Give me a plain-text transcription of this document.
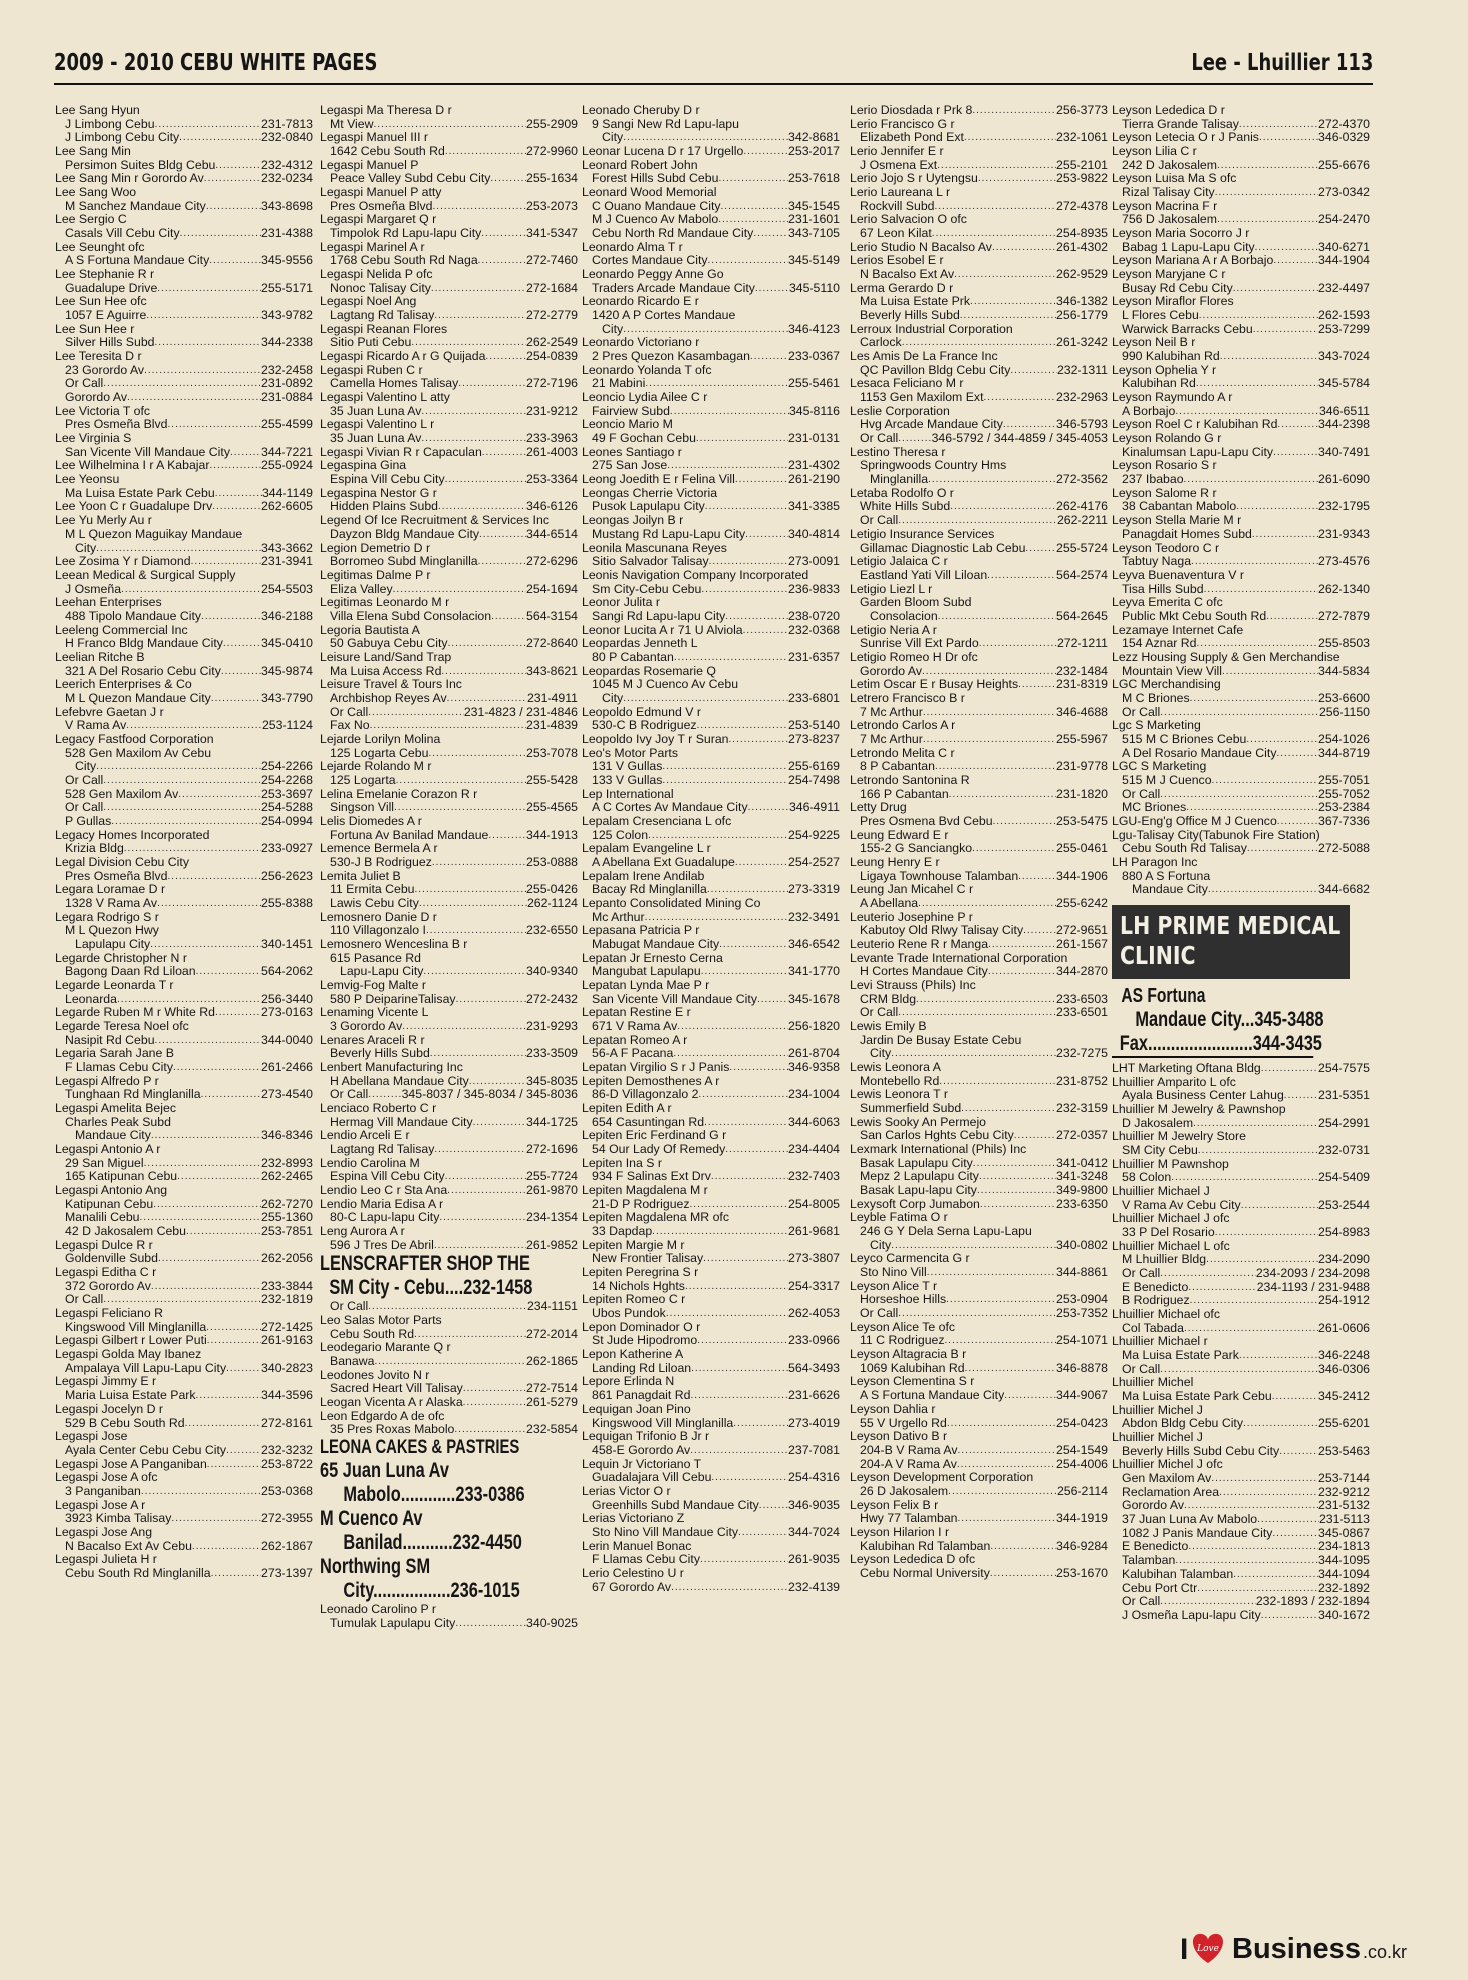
2009 - 2010 CEBU WHITE PAGES	Lee - Lhuillier 113
Lee Sang Hyun
J Limbong Cebu .....	231-7813
J Limbong Cebu City .....	232-0840
Lee Sang Min
Persimon Suites Bldg Cebu .....	232-4312
Lee Sang Min r Gorordo Av .....	232-0234
Lee Sang Woo
M Sanchez Mandaue City .....	343-8698
Lee Sergio C
Casals Vill Cebu City .....	231-4388
Lee Seunght ofc
A S Fortuna Mandaue City .....	345-9556
Lee Stephanie R r
Guadalupe Drive .....	255-5171
Lee Sun Hee ofc
1057 E Aguirre .....	343-9782
Lee Sun Hee r
Silver Hills Subd .....	344-2338
Lee Teresita D r
23 Gorordo Av .....	232-2458
Or Call .....	231-0892
Gorordo Av .....	231-0884
Lee Victoria T ofc
Pres Osmeña Blvd .....	255-4599
Lee Virginia S
San Vicente Vill Mandaue City .....	344-7221
Lee Wilhelmina I r A Kabajar .....	255-0924
Lee Yeonsu
Ma Luisa Estate Park Cebu .....	344-1149
Lee Yoon C r Guadalupe Drv .....	262-6605
Lee Yu Merly Au r
M L Quezon Maguikay Mandaue
City .....	343-3662
Lee Zosima Y r Diamond .....	231-3941
Leean Medical & Surgical Supply
J Osmeña .....	254-5503
Leehan Enterprises
488 Tipolo Mandaue City .....	346-2188
Leeleng Commercial Inc
H Franco Bldg Mandaue City .....	345-0410
Leelian Ritche B
321 A Del Rosario Cebu City .....	345-9874
Leerich Enterprises & Co
M L Quezon Mandaue City .....	343-7790
Lefebvre Gaetan J r
V Rama Av .....	253-1124
Legacy Fastfood Corporation
528 Gen Maxilom Av Cebu
City .....	254-2266
Or Call .....	254-2268
528 Gen Maxilom Av .....	253-3697
Or Call .....	254-5288
P Gullas .....	254-0994
Legacy Homes Incorporated
Krizia Bldg .....	233-0927
Legal Division Cebu City
Pres Osmeña Blvd .....	256-2623
Legara Loramae D r
1328 V Rama Av .....	255-8388
Legara Rodrigo S r
M L Quezon Hwy
Lapulapu City .....	340-1451
Legarde Christopher N r
Bagong Daan Rd Liloan .....	564-2062
Legarde Leonarda T r
Leonarda .....	256-3440
Legarde Ruben M r White Rd .....	273-0163
Legarde Teresa Noel ofc
Nasipit Rd Cebu .....	344-0040
Legaria Sarah Jane B
F Llamas Cebu City .....	261-2466
Legaspi Alfredo P r
Tunghaan Rd Minglanilla .....	273-4540
Legaspi Amelita Bejec
Charles Peak Subd
Mandaue City .....	346-8346
Legaspi Antonio A r
29 San Miguel .....	232-8993
165 Katipunan Cebu .....	262-2465
Legaspi Antonio Ang
Katipunan Cebu .....	262-7270
Manalili Cebu .....	255-1360
42 D Jakosalem Cebu .....	253-7851
Legaspi Dulce R r
Goldenville Subd .....	262-2056
Legaspi Editha C r
372 Gorordo Av .....	233-3844
Or Call .....	232-1819
Legaspi Feliciano R
Kingswood Vill Minglanilla .....	272-1425
Legaspi Gilbert r Lower Puti .....	261-9163
Legaspi Golda May Ibanez
Ampalaya Vill Lapu-Lapu City .....	340-2823
Legaspi Jimmy E r
Maria Luisa Estate Park .....	344-3596
Legaspi Jocelyn D r
529 B Cebu South Rd .....	272-8161
Legaspi Jose
Ayala Center Cebu Cebu City .....	232-3232
Legaspi Jose A Panganiban .....	253-8722
Legaspi Jose A ofc
3 Panganiban .....	253-0368
Legaspi Jose A r
3923 Kimba Talisay .....	272-3955
Legaspi Jose Ang
N Bacalso Ext Av Cebu .....	262-1867
Legaspi Julieta H r
Cebu South Rd Minglanilla .....	273-1397
Legaspi Ma Theresa D r
Mt View .....	255-2909
Legaspi Manuel III r
1642 Cebu South Rd .....	272-9960
Legaspi Manuel P
Peace Valley Subd Cebu City .....	255-1634
Legaspi Manuel P atty
Pres Osmeña Blvd .....	253-2073
Legaspi Margaret Q r
Timpolok Rd Lapu-lapu City .....	341-5347
Legaspi Marinel A r
1768 Cebu South Rd Naga .....	272-7460
Legaspi Nelida P ofc
Nonoc Talisay City .....	272-1684
Legaspi Noel Ang
Lagtang Rd Talisay .....	272-2779
Legaspi Reanan Flores
Sitio Puti Cebu .....	262-2549
Legaspi Ricardo A r G Quijada .....	254-0839
Legaspi Ruben C r
Camella Homes Talisay .....	272-7196
Legaspi Valentino L atty
35 Juan Luna Av .....	231-9212
Legaspi Valentino L r
35 Juan Luna Av .....	233-3963
Legaspi Vivian R r Capaculan .....	261-4003
Legaspina Gina
Espina Vill Cebu City .....	253-3364
Legaspina Nestor G r
Hidden Plains Subd .....	346-6126
Legend Of Ice Recruitment & Services Inc
Dayzon Bldg Mandaue City .....	344-6514
Legion Demetrio D r
Borromeo Subd Minglanilla .....	272-6296
Legitimas Dalme P r
Eliza Valley .....	254-1694
Legitimas Leonardo M r
Villa Elena Subd Consolacion .....	564-3154
Legoria Bautista A
50 Gabuya Cebu City .....	272-8640
Leisure Land/Sand Trap
Ma Luisa Access Rd .....	343-8621
Leisure Travel & Tours Inc
Archbishop Reyes Av .....	231-4911
Or Call .....	231-4823 / 231-4846
Fax No .....	231-4839
Lejarde Lorilyn Molina
125 Logarta Cebu .....	253-7078
Lejarde Rolando M r
125 Logarta .....	255-5428
Lelina Emelanie Corazon R r
Singson Vill .....	255-4565
Lelis Diomedes A r
Fortuna Av Banilad Mandaue .....	344-1913
Lemence Bermela A r
530-J B Rodriguez .....	253-0888
Lemita Juliet B
11 Ermita Cebu .....	255-0426
Lawis Cebu City .....	262-1124
Lemosnero Danie D r
110 Villagonzalo I .....	232-6550
Lemosnero Wenceslina B r
615 Pasance Rd
Lapu-Lapu City .....	340-9340
Lemvig-Fog Malte r
580 P DeiparineTalisay .....	272-2432
Lenaming Vicente L
3 Gorordo Av .....	231-9293
Lenares Araceli R r
Beverly Hills Subd .....	233-3509
Lenbert Manufacturing Inc
H Abellana Mandaue City .....	345-8035
Or Call .....	345-8037 / 345-8034 / 345-8036
Lenciaco Roberto C r
Hermag Vill Mandaue City .....	344-1725
Lendio Arceli E r
Lagtang Rd Talisay .....	272-1696
Lendio Carolina M
Espina Vill Cebu City .....	255-7724
Lendio Leo C r Sta Ana .....	261-9870
Lendio Maria Edisa A r
80-C Lapu-lapu City .....	234-1354
Leng Aurora A r
596 J Tres De Abril .....	261-9852
LENSCRAFTER SHOP THE
SM City - Cebu....232-1458
Or Call .....	234-1151
Leo Salas Motor Parts
Cebu South Rd .....	272-2014
Leodegario Marante Q r
Banawa .....	262-1865
Leodones Jovito N r
Sacred Heart Vill Talisay .....	272-7514
Leogan Vicenta A r Alaska .....	261-5279
Leon Edgardo A de ofc
35 Pres Roxas Mabolo .....	232-5854
LEONA CAKES & PASTRIES
65 Juan Luna Av
Mabolo............233-0386
M Cuenco Av
Banilad...........232-4450
Northwing SM
City.................236-1015
Leonado Carolino P r
Tumulak Lapulapu City .....	340-9025
Leonado Cheruby D r
9 Sangi New Rd Lapu-lapu
City .....	342-8681
Leonar Lucena D r 17 Urgello .....	253-2017
Leonard Robert John
Forest Hills Subd Cebu .....	253-7618
Leonard Wood Memorial
C Ouano Mandaue City .....	345-1545
M J Cuenco Av Mabolo .....	231-1601
Cebu North Rd Mandaue City .....	343-7105
Leonardo Alma T r
Cortes Mandaue City .....	345-5149
Leonardo Peggy Anne Go
Traders Arcade Mandaue City .....	345-5110
Leonardo Ricardo E r
1420 A P Cortes Mandaue
City .....	346-4123
Leonardo Victoriano r
2 Pres Quezon Kasambagan .....	233-0367
Leonardo Yolanda T ofc
21 Mabini .....	255-5461
Leoncio Lydia Ailee C r
Fairview Subd .....	345-8116
Leoncio Mario M
49 F Gochan Cebu .....	231-0131
Leones Santiago r
275 San Jose .....	231-4302
Leong Joedith E r Felina Vill .....	261-2190
Leongas Cherrie Victoria
Pusok Lapulapu City .....	341-3385
Leongas Joilyn B r
Mustang Rd Lapu-Lapu City .....	340-4814
Leonila Mascunana Reyes
Sitio Salvador Talisay .....	273-0091
Leonis Navigation Company Incorporated
Sm City-Cebu Cebu .....	236-9833
Leonor Julita r
Sangi Rd Lapu-lapu City .....	238-0720
Leonor Lucita A r 71 U Alviola .....	232-0368
Leopardas Jenneth L
80 P Cabantan .....	231-6357
Leopardas Rosemarie Q
1045 M J Cuenco Av Cebu
City .....	233-6801
Leopoldo Edmund V r
530-C B Rodriguez .....	253-5140
Leopoldo Ivy Joy T r Suran .....	273-8237
Leo's Motor Parts
131 V Gullas .....	255-6169
133 V Gullas .....	254-7498
Lep International
A C Cortes Av Mandaue City .....	346-4911
Lepalam Cresenciana L ofc
125 Colon .....	254-9225
Lepalam Evangeline L r
A Abellana Ext Guadalupe .....	254-2527
Lepalam Irene Andilab
Bacay Rd Minglanilla .....	273-3319
Lepanto Consolidated Mining Co
Mc Arthur .....	232-3491
Lepasana Patricia P r
Mabugat Mandaue City .....	346-6542
Lepatan Jr Ernesto Cerna
Mangubat Lapulapu .....	341-1770
Lepatan Lynda Mae P r
San Vicente Vill Mandaue City .....	345-1678
Lepatan Restine E r
671 V Rama Av .....	256-1820
Lepatan Romeo A r
56-A F Pacana .....	261-8704
Lepatan Virgilio S r J Panis .....	346-9358
Lepiten Demosthenes A r
86-D Villagonzalo 2 .....	234-1004
Lepiten Edith A r
654 Casuntingan Rd .....	344-6063
Lepiten Eric Ferdinand G r
54 Our Lady Of Remedy .....	234-4404
Lepiten Ina S r
934 F Salinas Ext Drv .....	232-7403
Lepiten Magdalena M r
21-D P Rodriguez .....	254-8005
Lepiten Magdalena MR ofc
33 Dapdap .....	261-9681
Lepiten Margie M r
New Frontier Talisay .....	273-3807
Lepiten Peregrina S r
14 Nichols Hghts .....	254-3317
Lepiten Romeo C r
Ubos Pundok .....	262-4053
Lepon Dominador O r
St Jude Hipodromo .....	233-0966
Lepon Katherine A
Landing Rd Liloan .....	564-3493
Lepore Erlinda N
861 Panagdait Rd .....	231-6626
Lequigan Joan Pino
Kingswood Vill Minglanilla .....	273-4019
Lequigan Trifonio B Jr r
458-E Gorordo Av .....	237-7081
Lequin Jr Victoriano T
Guadalajara Vill Cebu .....	254-4316
Lerias Victor O r
Greenhills Subd Mandaue City ..... 346-9035
Lerias Victoriano Z
Sto Nino Vill Mandaue City .....	344-7024
Lerin Manuel Bonac
F Llamas Cebu City .....	261-9035
Lerio Celestino U r
67 Gorordo Av .....	232-4139
Lerio Diosdada r Prk 8 .....	256-3773
Lerio Francisco G r
Elizabeth Pond Ext .....	232-1061
Lerio Jennifer E r
J Osmena Ext .....	255-2101
Lerio Jojo S r Uytengsu .....	253-9822
Lerio Laureana L r
Rockvill Subd .....	272-4378
Lerio Salvacion O ofc
67 Leon Kilat .....	254-8935
Lerio Studio N Bacalso Av .....	261-4302
Lerios Esobel E r
N Bacalso Ext Av .....	262-9529
Lerma Gerardo D r
Ma Luisa Estate Prk .....	346-1382
Beverly Hills Subd .....	256-1779
Lerroux Industrial Corporation
Carlock .....	261-3242
Les Amis De La France Inc
QC Pavillon Bldg Cebu City .....	232-1311
Lesaca Feliciano M r
1153 Gen Maxilom Ext .....	232-2963
Leslie Corporation
Hvg Arcade Mandaue City .....	346-5793
Or Call .....	346-5792 / 344-4859 / 345-4053
Lestino Theresa r
Springwoods Country Hms
Minglanilla .....	272-3562
Letaba Rodolfo O r
White Hills Subd .....	262-4176
Or Call .....	262-2211
Letigio Insurance Services
Gillamac Diagnostic Lab Cebu ..... 255-5724
Letigio Jalaica C r
Eastland Yati Vill Liloan .....	564-2574
Letigio Liezl L r
Garden Bloom Subd
Consolacion .....	564-2645
Letigio Neria A r
Sunrise Vill Ext Pardo .....	272-1211
Letigio Romeo H Dr ofc
Gorordo Av .....	232-1484
Letim Oscar E r Busay Heights .....	231-8319
Letrero Francisco B r
7 Mc Arthur .....	346-4688
Letrondo Carlos A r
7 Mc Arthur .....	255-5967
Letrondo Melita C r
8 P Cabantan .....	231-9778
Letrondo Santonina R
166 P Cabantan .....	231-1820
Letty Drug
Pres Osmena Bvd Cebu .....	253-5475
Leung Edward E r
155-2 G Sanciangko .....	255-0461
Leung Henry E r
Ligaya Townhouse Talamban .....	344-1906
Leung Jan Micahel C r
A Abellana .....	255-6242
Leuterio Josephine P r
Kabutoy Old Rlwy Talisay City .....	272-9651
Leuterio Rene R r Manga .....	261-1567
Levante Trade International Corporation
H Cortes Mandaue City .....	344-2870
Levi Strauss (Phils) Inc
CRM Bldg .....	233-6503
Or Call .....	233-6501
Lewis Emily B
Jardin De Busay Estate Cebu
City .....	232-7275
Lewis Leonora A
Montebello Rd .....	231-8752
Lewis Leonora T r
Summerfield Subd .....	232-3159
Lewis Sooky An Permejo
San Carlos Hghts Cebu City .....	272-0357
Lexmark International (Phils) Inc
Basak Lapulapu City .....	341-0412
Mepz 2 Lapulapu City .....	341-3248
Basak Lapu-lapu City .....	349-9800
Lexysoft Corp Jumabon .....	233-6350
Leyble Fatima O r
246 G Y Dela Serna Lapu-Lapu
City .....	340-0802
Leyco Carmencita G r
Sto Nino Vill .....	344-8861
Leyson Alice T r
Horseshoe Hills .....	253-0904
Or Call .....	253-7352
Leyson Alice Te ofc
11 C Rodriguez .....	254-1071
Leyson Altagracia B r
1069 Kalubihan Rd .....	346-8878
Leyson Clementina S r
A S Fortuna Mandaue City .....	344-9067
Leyson Dahlia r
55 V Urgello Rd .....	254-0423
Leyson Dativo B r
204-B V Rama Av .....	254-1549
204-A V Rama Av .....	254-4006
Leyson Development Corporation
26 D Jakosalem .....	256-2114
Leyson Felix B r
Hwy 77 Talamban .....	344-1919
Leyson Hilarion I r
Kalubihan Rd Talamban .....	346-9284
Leyson Lededica D ofc
Cebu Normal University .....	253-1670
Leyson Lededica D r
Tierra Grande Talisay .....	272-4370
Leyson Letecia O r J Panis .....	346-0329
Leyson Lilia C r
242 D Jakosalem .....	255-6676
Leyson Luisa Ma S ofc
Rizal Talisay City .....	273-0342
Leyson Macrina F r
756 D Jakosalem .....	254-2470
Leyson Maria Socorro J r
Babag 1 Lapu-Lapu City .....	340-6271
Leyson Mariana A r A Borbajo .....	344-1904
Leyson Maryjane C r
Busay Rd Cebu City .....	232-4497
Leyson Miraflor Flores
L Flores Cebu .....	262-1593
Warwick Barracks Cebu .....	253-7299
Leyson Neil B r
990 Kalubihan Rd .....	343-7024
Leyson Ophelia Y r
Kalubihan Rd .....	345-5784
Leyson Raymundo A r
A Borbajo .....	346-6511
Leyson Roel C r Kalubihan Rd .....	344-2398
Leyson Rolando G r
Kinalumsan Lapu-Lapu City .....	340-7491
Leyson Rosario S r
237 Ibabao .....	261-6090
Leyson Salome R r
38 Cabantan Mabolo .....	232-1795
Leyson Stella Marie M r
Panagdait Homes Subd .....	231-9343
Leyson Teodoro C r
Tabtuy Naga .....	273-4576
Leyva Buenaventura V r
Tisa Hills Subd .....	262-1340
Leyva Emerita C ofc
Public Mkt Cebu South Rd .....	272-7879
Lezamaye Internet Cafe
154 Aznar Rd .....	255-8503
Lezz Housing Supply & Gen Merchandise
Mountain View Vill .....	344-5834
LGC Merchandising
M C Briones .....	253-6600
Or Call .....	256-1150
Lgc S Marketing
515 M C Briones Cebu .....	254-1026
A Del Rosario Mandaue City .....	344-8719
LGC S Marketing
515 M J Cuenco .....	255-7051
Or Call .....	255-7052
MC Briones .....	253-2384
LGU-Eng'g Office M J Cuenco .....	367-7336
Lgu-Talisay City(Tabunok Fire Station)
Cebu South Rd Talisay .....	272-5088
LH Paragon Inc
880 A S Fortuna
Mandaue City .....	344-6682
LH PRIME MEDICAL
CLINIC
AS Fortuna
Mandaue City...345-3488
Fax.......................344-3435
LHT Marketing Oftana Bldg .....	254-7575
Lhuillier Amparito L ofc
Ayala Business Center Lahug .....	231-5351
Lhuillier M Jewelry & Pawnshop
D Jakosalem .....	254-2991
Lhuillier M Jewelry Store
SM City Cebu .....	232-0731
Lhuillier M Pawnshop
58 Colon .....	254-5409
Lhuillier Michael J
V Rama Av Cebu City .....	253-2544
Lhuillier Michael J ofc
33 P Del Rosario .....	254-8983
Lhuillier Michael L ofc
M Lhuillier Bldg .....	234-2090
Or Call .....	234-2093 / 234-2098
E Benedicto .....	234-1193 / 231-9488
B Rodriguez .....	254-1912
Lhuillier Michael ofc
Col Tabada .....	261-0606
Lhuillier Michael r
Ma Luisa Estate Park .....	346-2248
Or Call .....	346-0306
Lhuillier Michel
Ma Luisa Estate Park Cebu .....	345-2412
Lhuillier Michel J
Abdon Bldg Cebu City .....	255-6201
Lhuillier Michel J
Beverly Hills Subd Cebu City .....	253-5463
Lhuillier Michel J ofc
Gen Maxilom Av .....	253-7144
Reclamation Area .....	232-9212
Gorordo Av .....	231-5132
37 Juan Luna Av Mabolo .....	231-5113
1082 J Panis Mandaue City .....	345-0867
E Benedicto .....	234-1813
Talamban .....	344-1095
Kalubihan Talamban .....	344-1094
Cebu Port Ctr .....	232-1892
Or Call .....	232-1893 / 232-1894
J Osmeña Lapu-lapu City .....	340-1672
I Love Business .co.kr
